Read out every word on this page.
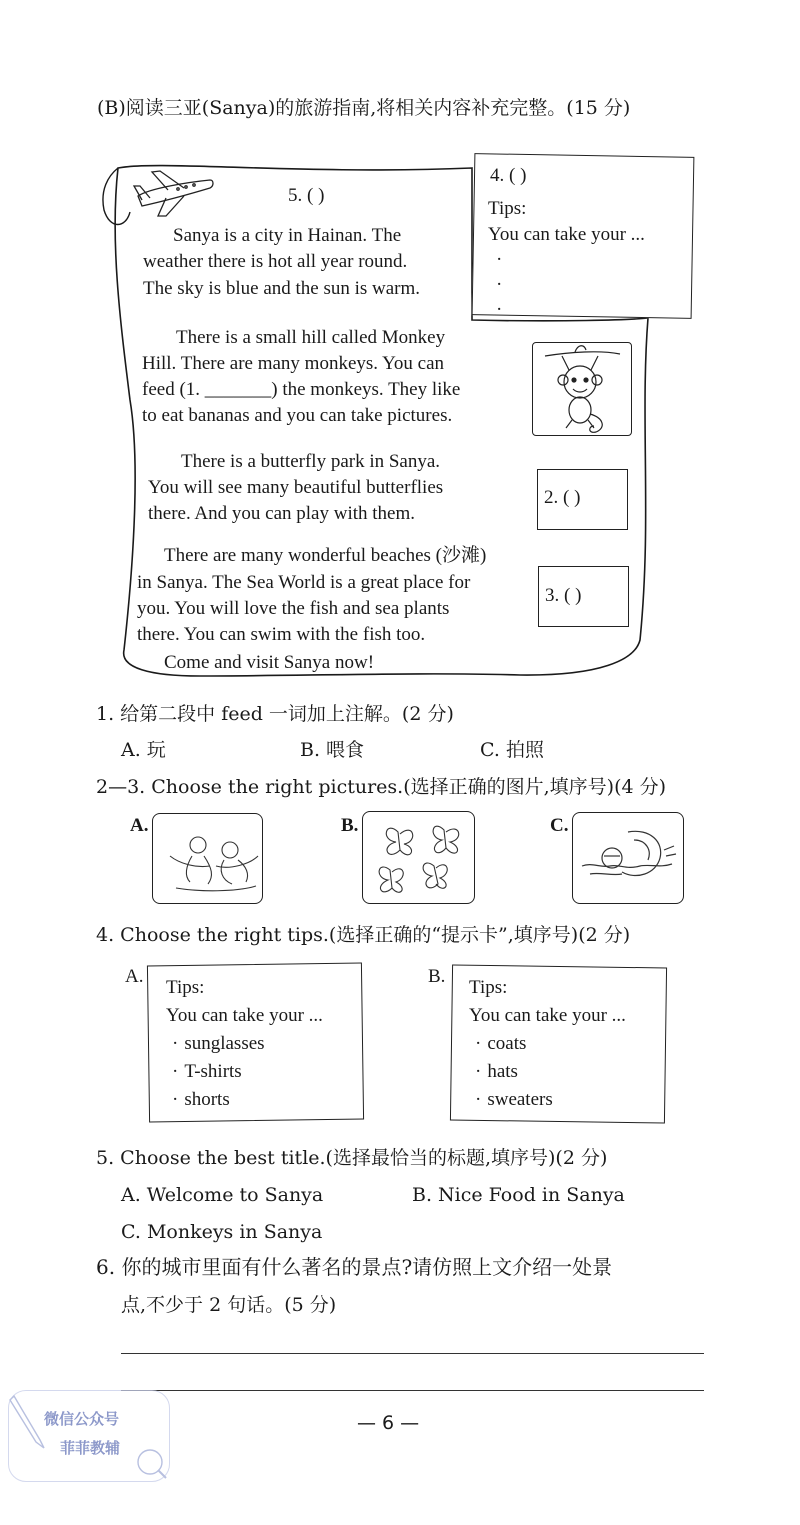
(B)阅读三亚(Sanya)的旅游指南,将相关内容补充完整。(15 分)
5. ( )
Sanya is a city in Hainan. The
weather there is hot all year round.
The sky is blue and the sun is warm.
4. ( )
Tips:
You can take your ...
·
·
·
There is a small hill called Monkey
Hill. There are many monkeys. You can
feed (1. _______) the monkeys. They like
to eat bananas and you can take pictures.
There is a butterfly park in Sanya.
You will see many beautiful butterflies
there. And you can play with them.
2. ( )
There are many wonderful beaches (沙滩)
in Sanya. The Sea World is a great place for
you. You will love the fish and sea plants
there. You can swim with the fish too.
3. ( )
Come and visit Sanya now!
1. 给第二段中 feed 一词加上注解。(2 分)
A. 玩	B. 喂食	C. 拍照
2—3. Choose the right pictures.(选择正确的图片,填序号)(4 分)
A.	B.	C.
4. Choose the right tips.(选择正确的“提示卡”,填序号)(2 分)
A.
Tips:
You can take your ...
· sunglasses
· T-shirts
· shorts
B.
Tips:
You can take your ...
· coats
· hats
· sweaters
5. Choose the best title.(选择最恰当的标题,填序号)(2 分)
A. Welcome to Sanya	B. Nice Food in Sanya
C. Monkeys in Sanya
6. 你的城市里面有什么著名的景点?请仿照上文介绍一处景
点,不少于 2 句话。(5 分)
— 6 —
微信公众号
菲菲教辅
